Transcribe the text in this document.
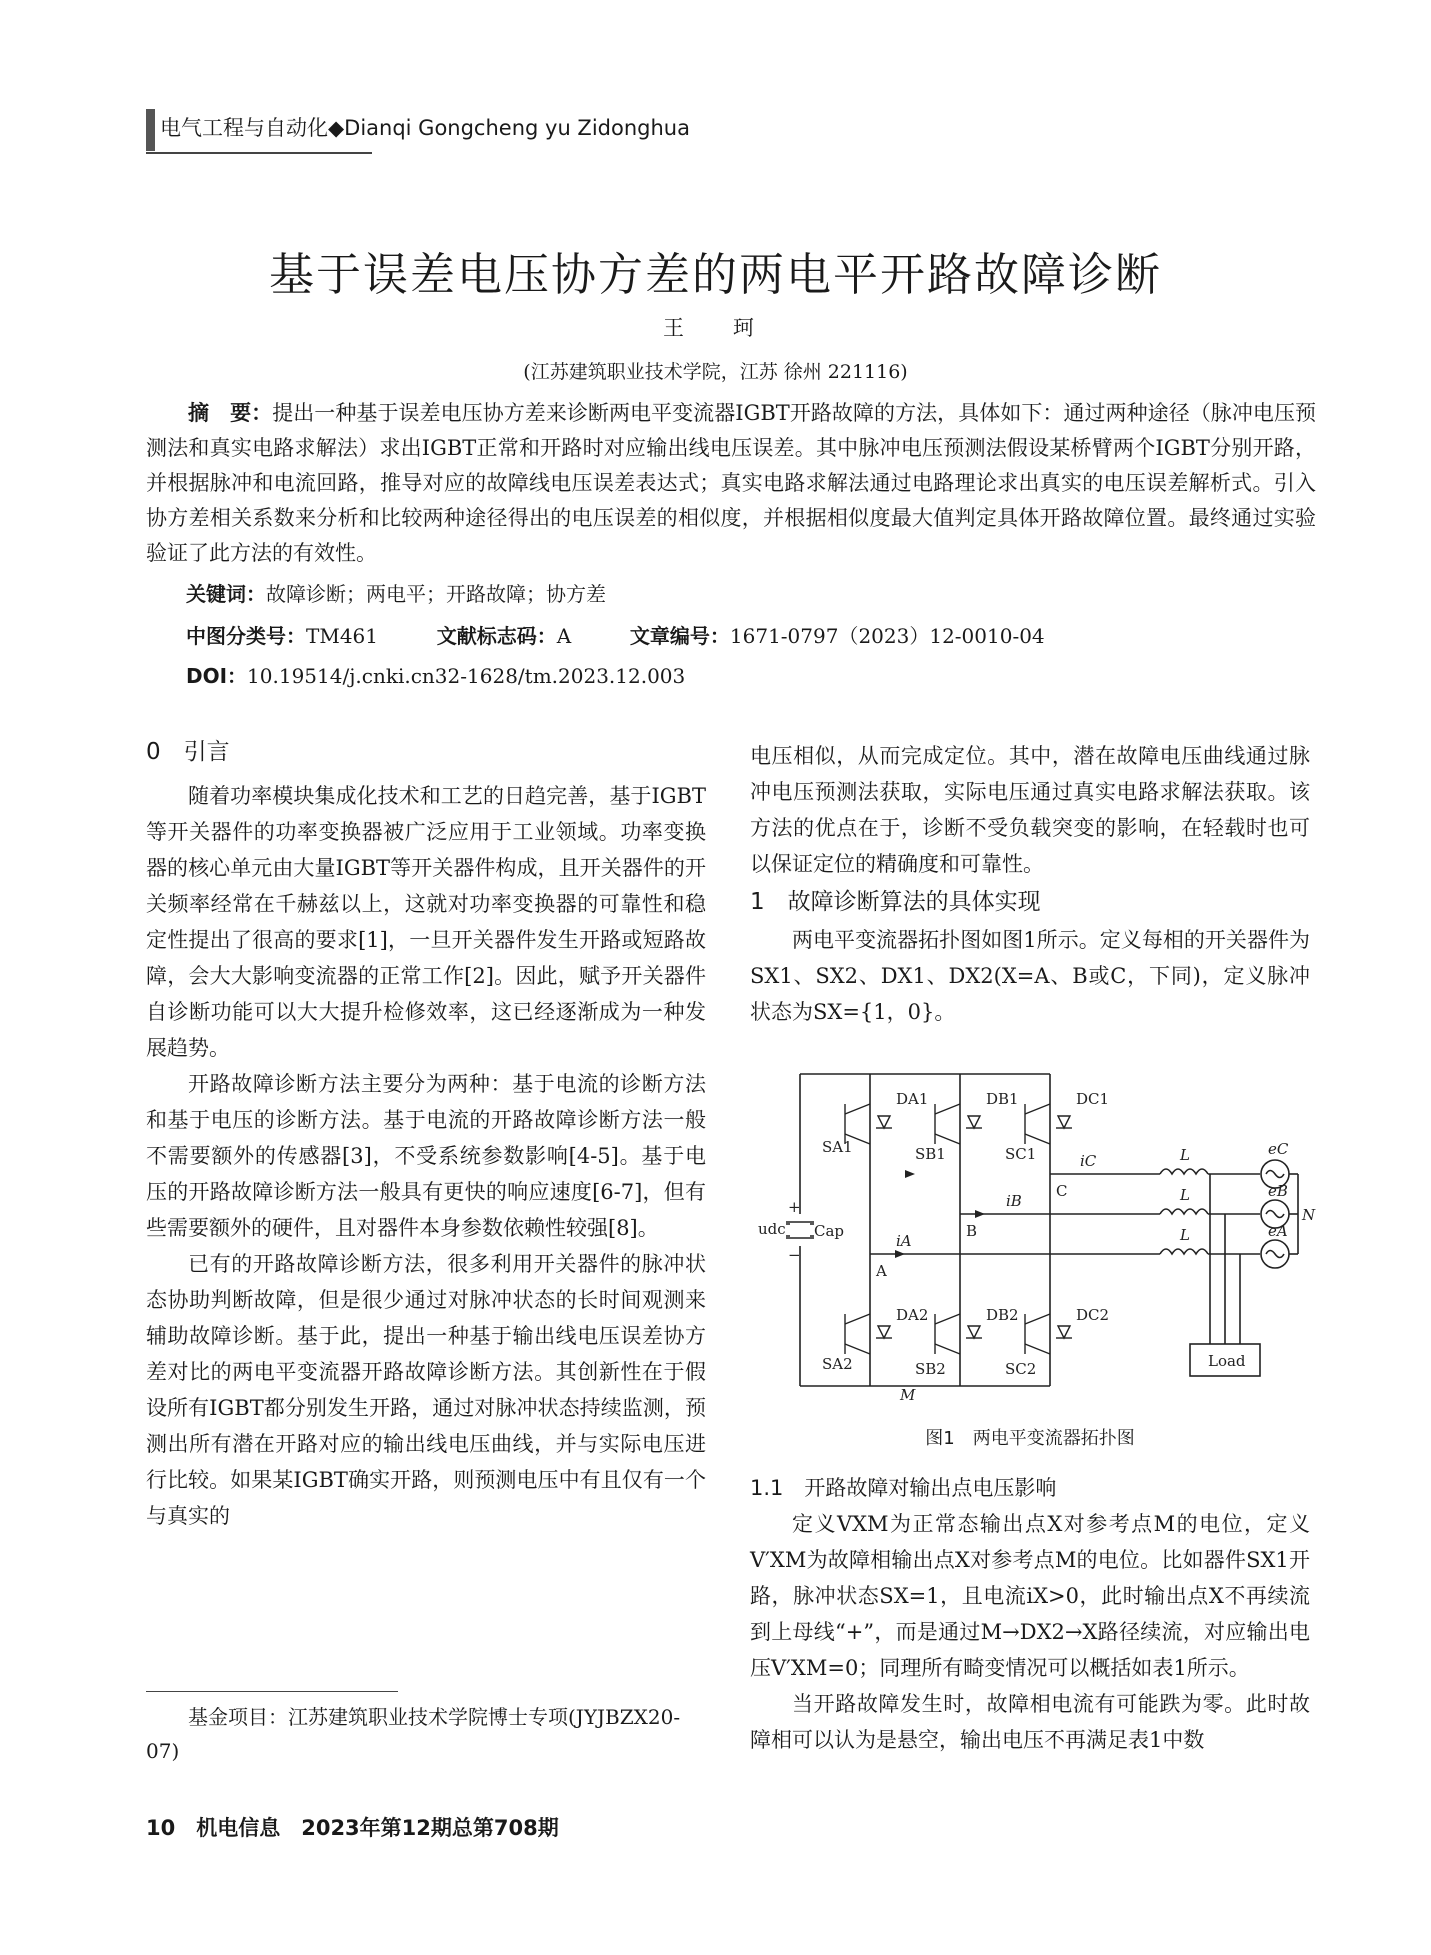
电气工程与自动化◆Dianqi Gongcheng yu Zidonghua
基于误差电压协方差的两电平开路故障诊断
王　珂
(江苏建筑职业技术学院，江苏 徐州 221116)
摘　要：提出一种基于误差电压协方差来诊断两电平变流器IGBT开路故障的方法，具体如下：通过两种途径（脉冲电压预测法和真实电路求解法）求出IGBT正常和开路时对应输出线电压误差。其中脉冲电压预测法假设某桥臂两个IGBT分别开路，并根据脉冲和电流回路，推导对应的故障线电压误差表达式；真实电路求解法通过电路理论求出真实的电压误差解析式。引入协方差相关系数来分析和比较两种途径得出的电压误差的相似度，并根据相似度最大值判定具体开路故障位置。最终通过实验验证了此方法的有效性。
关键词：故障诊断；两电平；开路故障；协方差
中图分类号：TM461	文献标志码：A	文章编号：1671-0797（2023）12-0010-04
DOI：10.19514/j.cnki.cn32-1628/tm.2023.12.003
0　引言

随着功率模块集成化技术和工艺的日趋完善，基于IGBT等开关器件的功率变换器被广泛应用于工业领域。功率变换器的核心单元由大量IGBT等开关器件构成，且开关器件的开关频率经常在千赫兹以上，这就对功率变换器的可靠性和稳定性提出了很高的要求[1]，一旦开关器件发生开路或短路故障，会大大影响变流器的正常工作[2]。因此，赋予开关器件自诊断功能可以大大提升检修效率，这已经逐渐成为一种发展趋势。

开路故障诊断方法主要分为两种：基于电流的诊断方法和基于电压的诊断方法。基于电流的开路故障诊断方法一般不需要额外的传感器[3]，不受系统参数影响[4-5]。基于电压的开路故障诊断方法一般具有更快的响应速度[6-7]，但有些需要额外的硬件，且对器件本身参数依赖性较强[8]。

已有的开路故障诊断方法，很多利用开关器件的脉冲状态协助判断故障，但是很少通过对脉冲状态的长时间观测来辅助故障诊断。基于此，提出一种基于输出线电压误差协方差对比的两电平变流器开路故障诊断方法。其创新性在于假设所有IGBT都分别发生开路，通过对脉冲状态持续监测，预测出所有潜在开路对应的输出线电压曲线，并与实际电压进行比较。如果某IGBT确实开路，则预测电压中有且仅有一个与真实的

基金项目：江苏建筑职业技术学院博士专项(JYJBZX20-07)
10　机电信息　2023年第12期总第708期

电压相似，从而完成定位。其中，潜在故障电压曲线通过脉冲电压预测法获取，实际电压通过真实电路求解法获取。该方法的优点在于，诊断不受负载突变的影响，在轻载时也可以保证定位的精确度和可靠性。

1　故障诊断算法的具体实现

两电平变流器拓扑图如图1所示。定义每相的开关器件为SX1、SX2、DX1、DX2(X=A、B或C，下同)，定义脉冲状态为SX={1，0}。

udc Cap
+
−
SA1	SB1	SC1
SA2	SB2	SC2
DA1	DB1	DC1
DA2	DB2	DC2
A
B
C
M
iA
iB
iC	L
L
L
eC
eB
eA
N
Load
图1　两电平变流器拓扑图
1.1　开路故障对输出点电压影响

定义VXM为正常态输出点X对参考点M的电位，定义V′XM为故障相输出点X对参考点M的电位。比如器件SX1开路，脉冲状态SX=1，且电流iX>0，此时输出点X不再续流到上母线“+”，而是通过M→DX2→X路径续流，对应输出电压V′XM=0；同理所有畸变情况可以概括如表1所示。

当开路故障发生时，故障相电流有可能跌为零。此时故障相可以认为是悬空，输出电压不再满足表1中数
